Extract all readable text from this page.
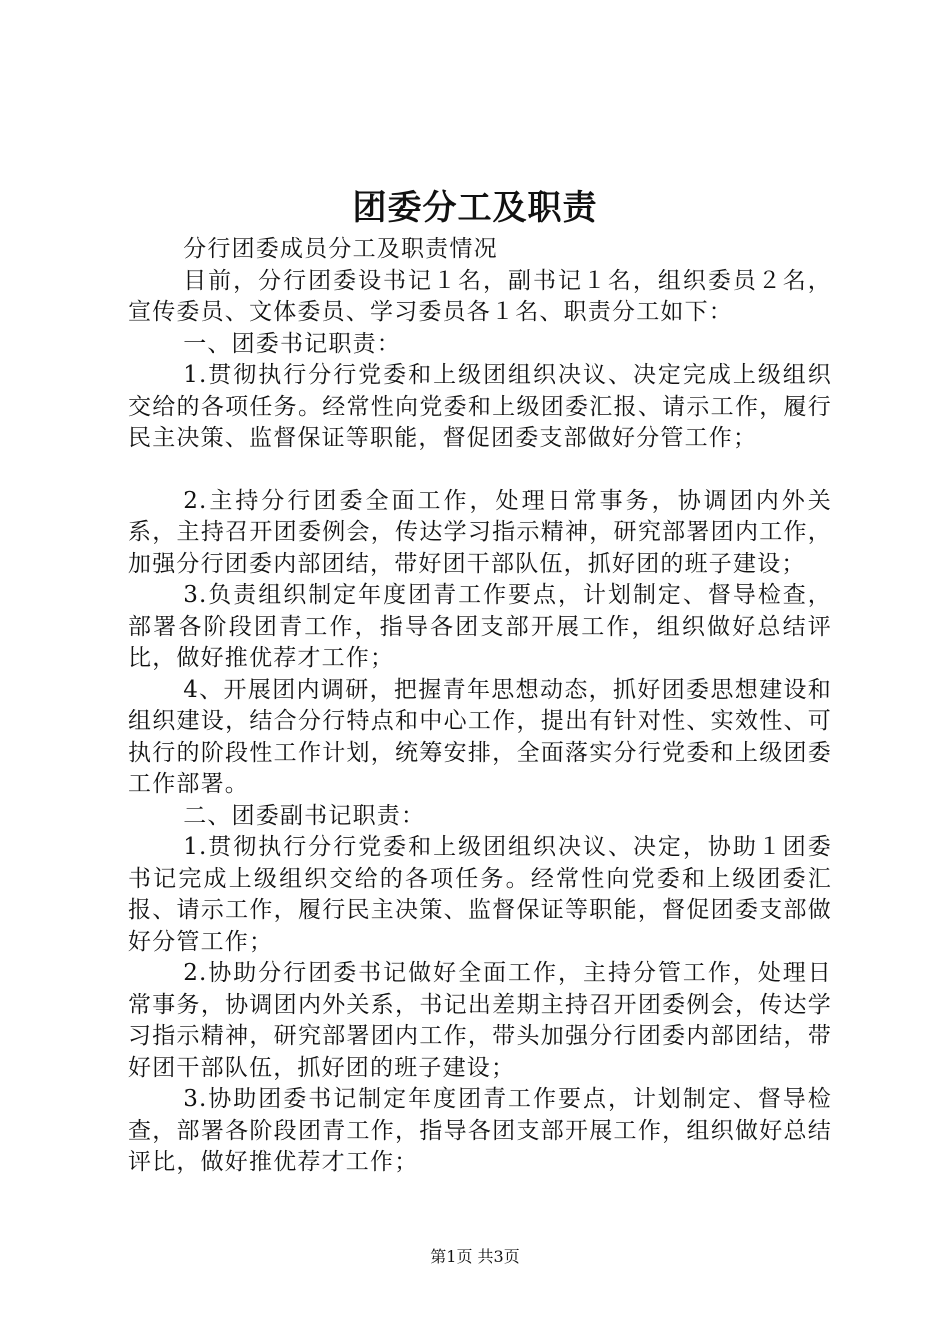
团委分工及职责

分行团委成员分工及职责情况

目前，分行团委设书记１名，副书记１名，组织委员２名，宣传委员、文体委员、学习委员各１名、职责分工如下：

一、团委书记职责：

1.贯彻执行分行党委和上级团组织决议、决定完成上级组织交给的各项任务。经常性向党委和上级团委汇报、请示工作，履行民主决策、监督保证等职能，督促团委支部做好分管工作；

2.主持分行团委全面工作，处理日常事务，协调团内外关系，主持召开团委例会，传达学习指示精神，研究部署团内工作，加强分行团委内部团结，带好团干部队伍，抓好团的班子建设；

3.负责组织制定年度团青工作要点，计划制定、督导检查，部署各阶段团青工作，指导各团支部开展工作，组织做好总结评比，做好推优荐才工作；

4、开展团内调研，把握青年思想动态，抓好团委思想建设和组织建设，结合分行特点和中心工作，提出有针对性、实效性、可执行的阶段性工作计划，统筹安排，全面落实分行党委和上级团委工作部署。

二、团委副书记职责：

1.贯彻执行分行党委和上级团组织决议、决定，协助１团委书记完成上级组织交给的各项任务。经常性向党委和上级团委汇报、请示工作，履行民主决策、监督保证等职能，督促团委支部做好分管工作；

2.协助分行团委书记做好全面工作，主持分管工作，处理日常事务，协调团内外关系，书记出差期主持召开团委例会，传达学习指示精神，研究部署团内工作，带头加强分行团委内部团结，带好团干部队伍，抓好团的班子建设；

3.协助团委书记制定年度团青工作要点，计划制定、督导检查，部署各阶段团青工作，指导各团支部开展工作，组织做好总结评比，做好推优荐才工作；

第1页 共3页
